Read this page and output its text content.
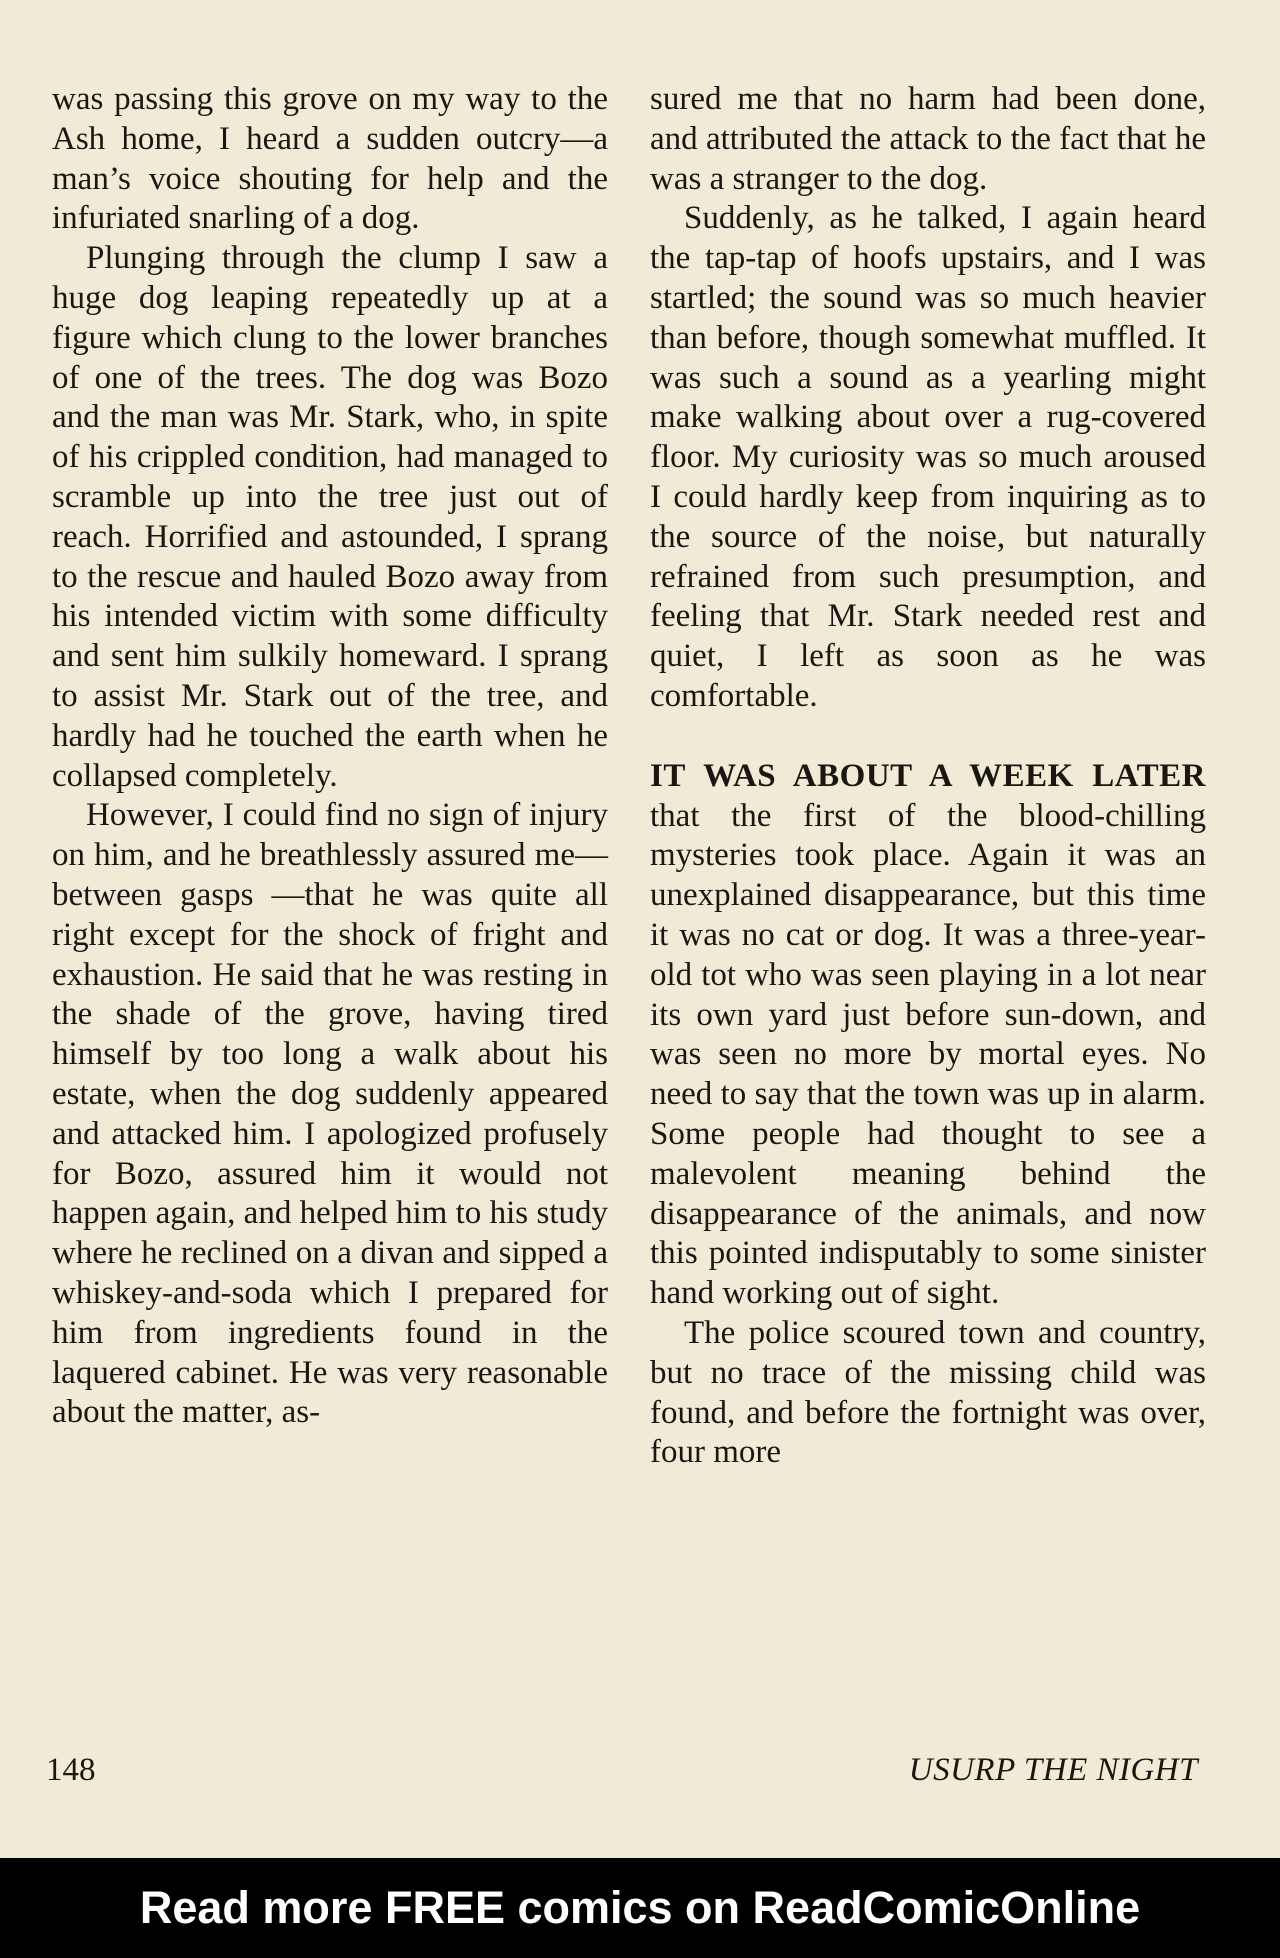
was passing this grove on my way to the Ash home, I heard a sudden outcry—a man’s voice shouting for help and the infuriated snarling of a dog.

Plunging through the clump I saw a huge dog leaping repeatedly up at a figure which clung to the lower branches of one of the trees. The dog was Bozo and the man was Mr. Stark, who, in spite of his crippled condition, had managed to scramble up into the tree just out of reach. Horrified and astounded, I sprang to the rescue and hauled Bozo away from his intended victim with some difficulty and sent him sulkily homeward. I sprang to assist Mr. Stark out of the tree, and hardly had he touched the earth when he collapsed completely.

However, I could find no sign of injury on him, and he breathlessly assured me—between gasps —that he was quite all right except for the shock of fright and exhaustion. He said that he was resting in the shade of the grove, having tired himself by too long a walk about his estate, when the dog suddenly appeared and attacked him. I apologized profusely for Bozo, assured him it would not happen again, and helped him to his study where he reclined on a divan and sipped a whiskey-and-soda which I prepared for him from ingredients found in the laquered cabinet. He was very reasonable about the matter, as-

sured me that no harm had been done, and attributed the attack to the fact that he was a stranger to the dog.

Suddenly, as he talked, I again heard the tap-tap of hoofs upstairs, and I was startled; the sound was so much heavier than before, though somewhat muffled. It was such a sound as a yearling might make walking about over a rug-covered floor. My curiosity was so much aroused I could hardly keep from inquiring as to the source of the noise, but naturally refrained from such presumption, and feeling that Mr. Stark needed rest and quiet, I left as soon as he was comfortable.

IT WAS ABOUT A WEEK LATER that the first of the blood-chilling mysteries took place. Again it was an unexplained disappearance, but this time it was no cat or dog. It was a three-year-old tot who was seen playing in a lot near its own yard just before sun-down, and was seen no more by mortal eyes. No need to say that the town was up in alarm. Some people had thought to see a malevolent meaning behind the disappearance of the animals, and now this pointed indisputably to some sinister hand working out of sight.

The police scoured town and country, but no trace of the missing child was found, and before the fortnight was over, four more

148	USURP THE NIGHT
Read more FREE comics on ReadComicOnline
